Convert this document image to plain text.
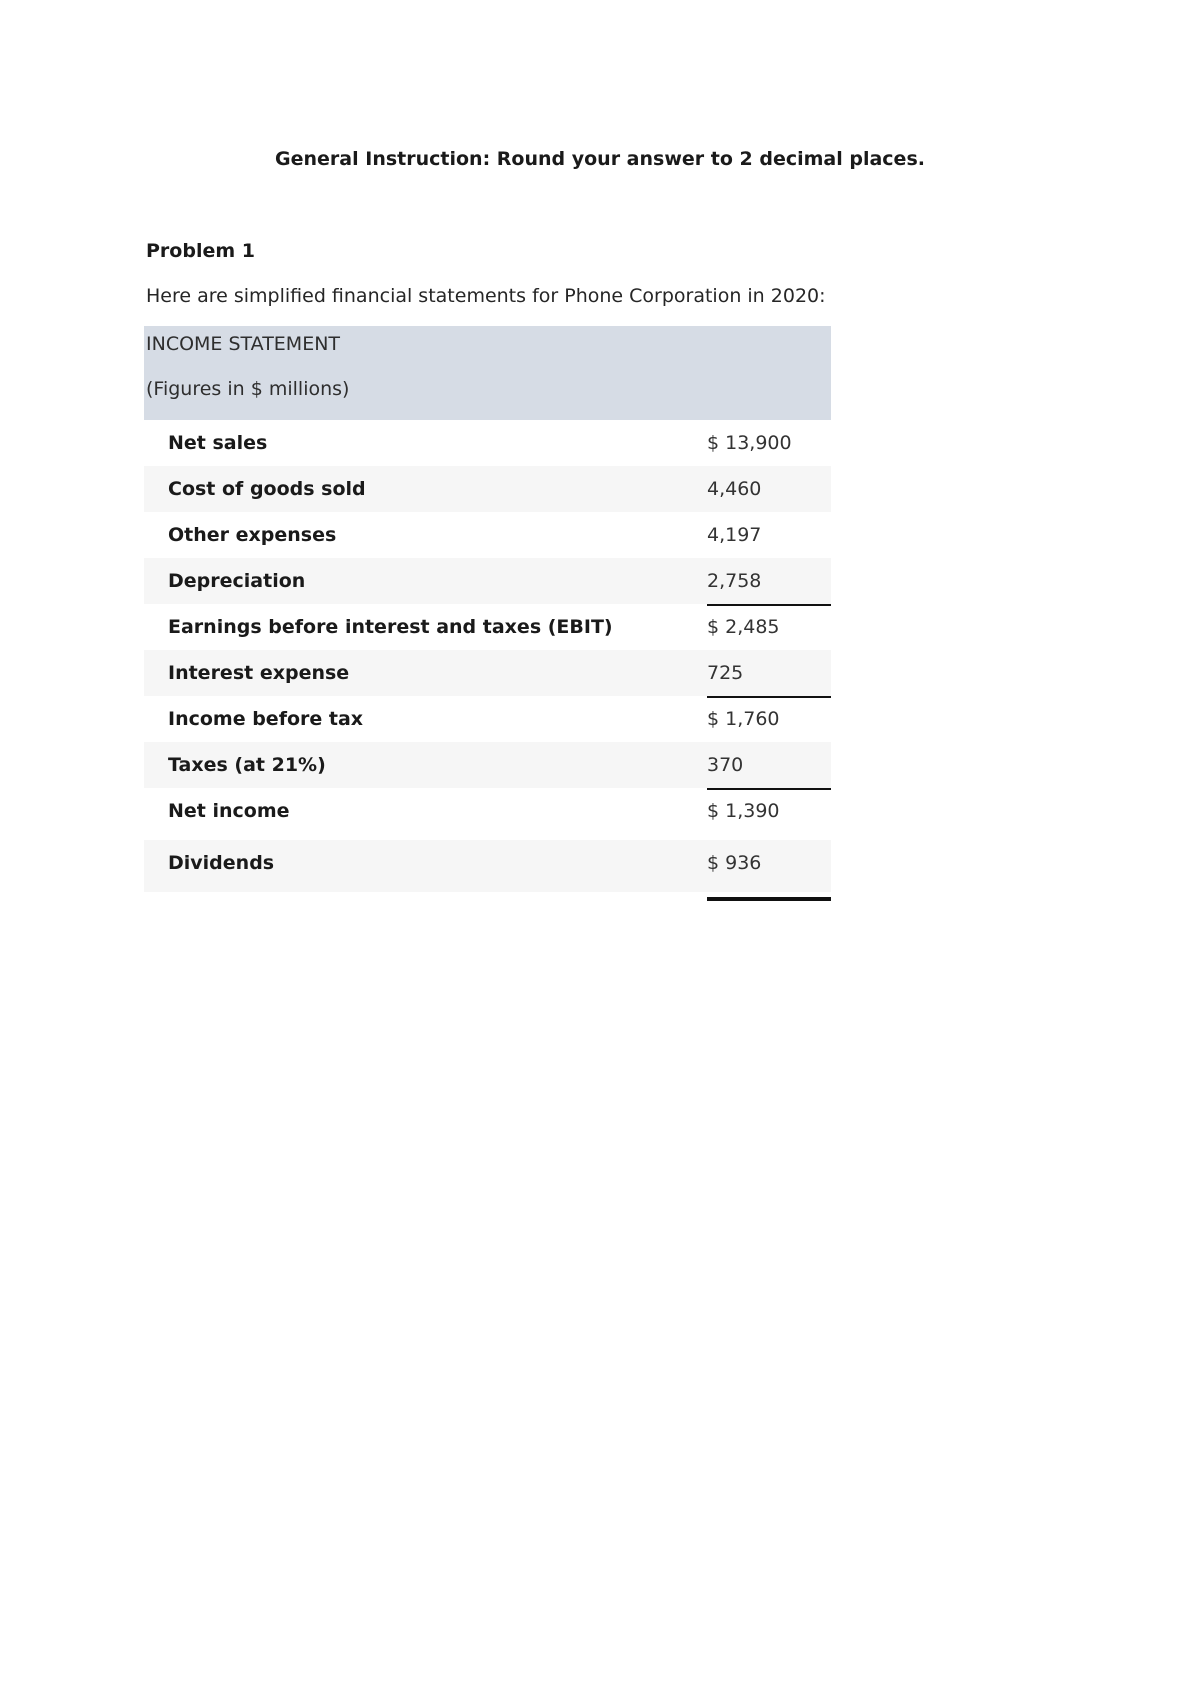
General Instruction: Round your answer to 2 decimal places.
Problem 1
Here are simplified financial statements for Phone Corporation in 2020:
INCOME STATEMENT
(Figures in $ millions)
Net sales	$ 13,900
Cost of goods sold	4,460
Other expenses	4,197
Depreciation	2,758
Earnings before interest and taxes (EBIT)	$ 2,485
Interest expense	725
Income before tax	$ 1,760
Taxes (at 21%)	370
Net income	$ 1,390
Dividends	$ 936
